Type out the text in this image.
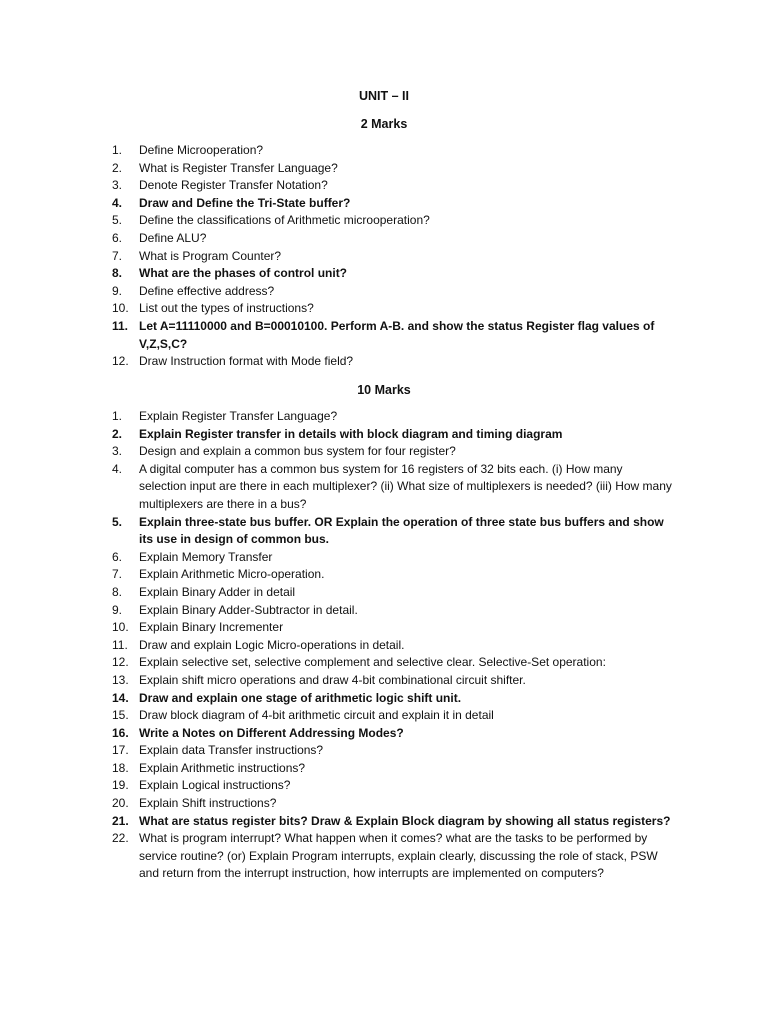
UNIT – II
2 Marks
1.	Define Microoperation?
2.	What is Register Transfer Language?
3.	Denote Register Transfer Notation?
4.	Draw and Define the Tri-State buffer?
5.	Define the classifications of Arithmetic microoperation?
6.	Define ALU?
7.	What is Program Counter?
8.	What are the phases of control unit?
9.	Define effective address?
10. List out the types of instructions?
11. Let A=11110000 and B=00010100. Perform A-B. and show the status Register flag values of V,Z,S,C?
12. Draw Instruction format with Mode field?
10 Marks
1.	Explain Register Transfer Language?
2.	Explain Register transfer in details with block diagram and timing diagram
3.	Design and explain a common bus system for four register?
4.	A digital computer has a common bus system for 16 registers of 32 bits each. (i) How many selection input are there in each multiplexer? (ii) What size of multiplexers is needed? (iii) How many multiplexers are there in a bus?
5.	Explain three-state bus buffer. OR Explain the operation of three state bus buffers and show its use in design of common bus.
6.	Explain Memory Transfer
7.	Explain Arithmetic Micro-operation.
8.	Explain Binary Adder in detail
9.	Explain Binary Adder-Subtractor in detail.
10. Explain Binary Incrementer
11. Draw and explain Logic Micro-operations in detail.
12. Explain selective set, selective complement and selective clear. Selective-Set operation:
13. Explain shift micro operations and draw 4-bit combinational circuit shifter.
14. Draw and explain one stage of arithmetic logic shift unit.
15. Draw block diagram of 4-bit arithmetic circuit and explain it in detail
16. Write a Notes on Different Addressing Modes?
17. Explain data Transfer instructions?
18. Explain Arithmetic instructions?
19. Explain Logical instructions?
20. Explain Shift instructions?
21. What are status register bits? Draw & Explain Block diagram by showing all status registers?
22. What is program interrupt? What happen when it comes? what are the tasks to be performed by service routine? (or) Explain Program interrupts, explain clearly, discussing the role of stack, PSW and return from the interrupt instruction, how interrupts are implemented on computers?
